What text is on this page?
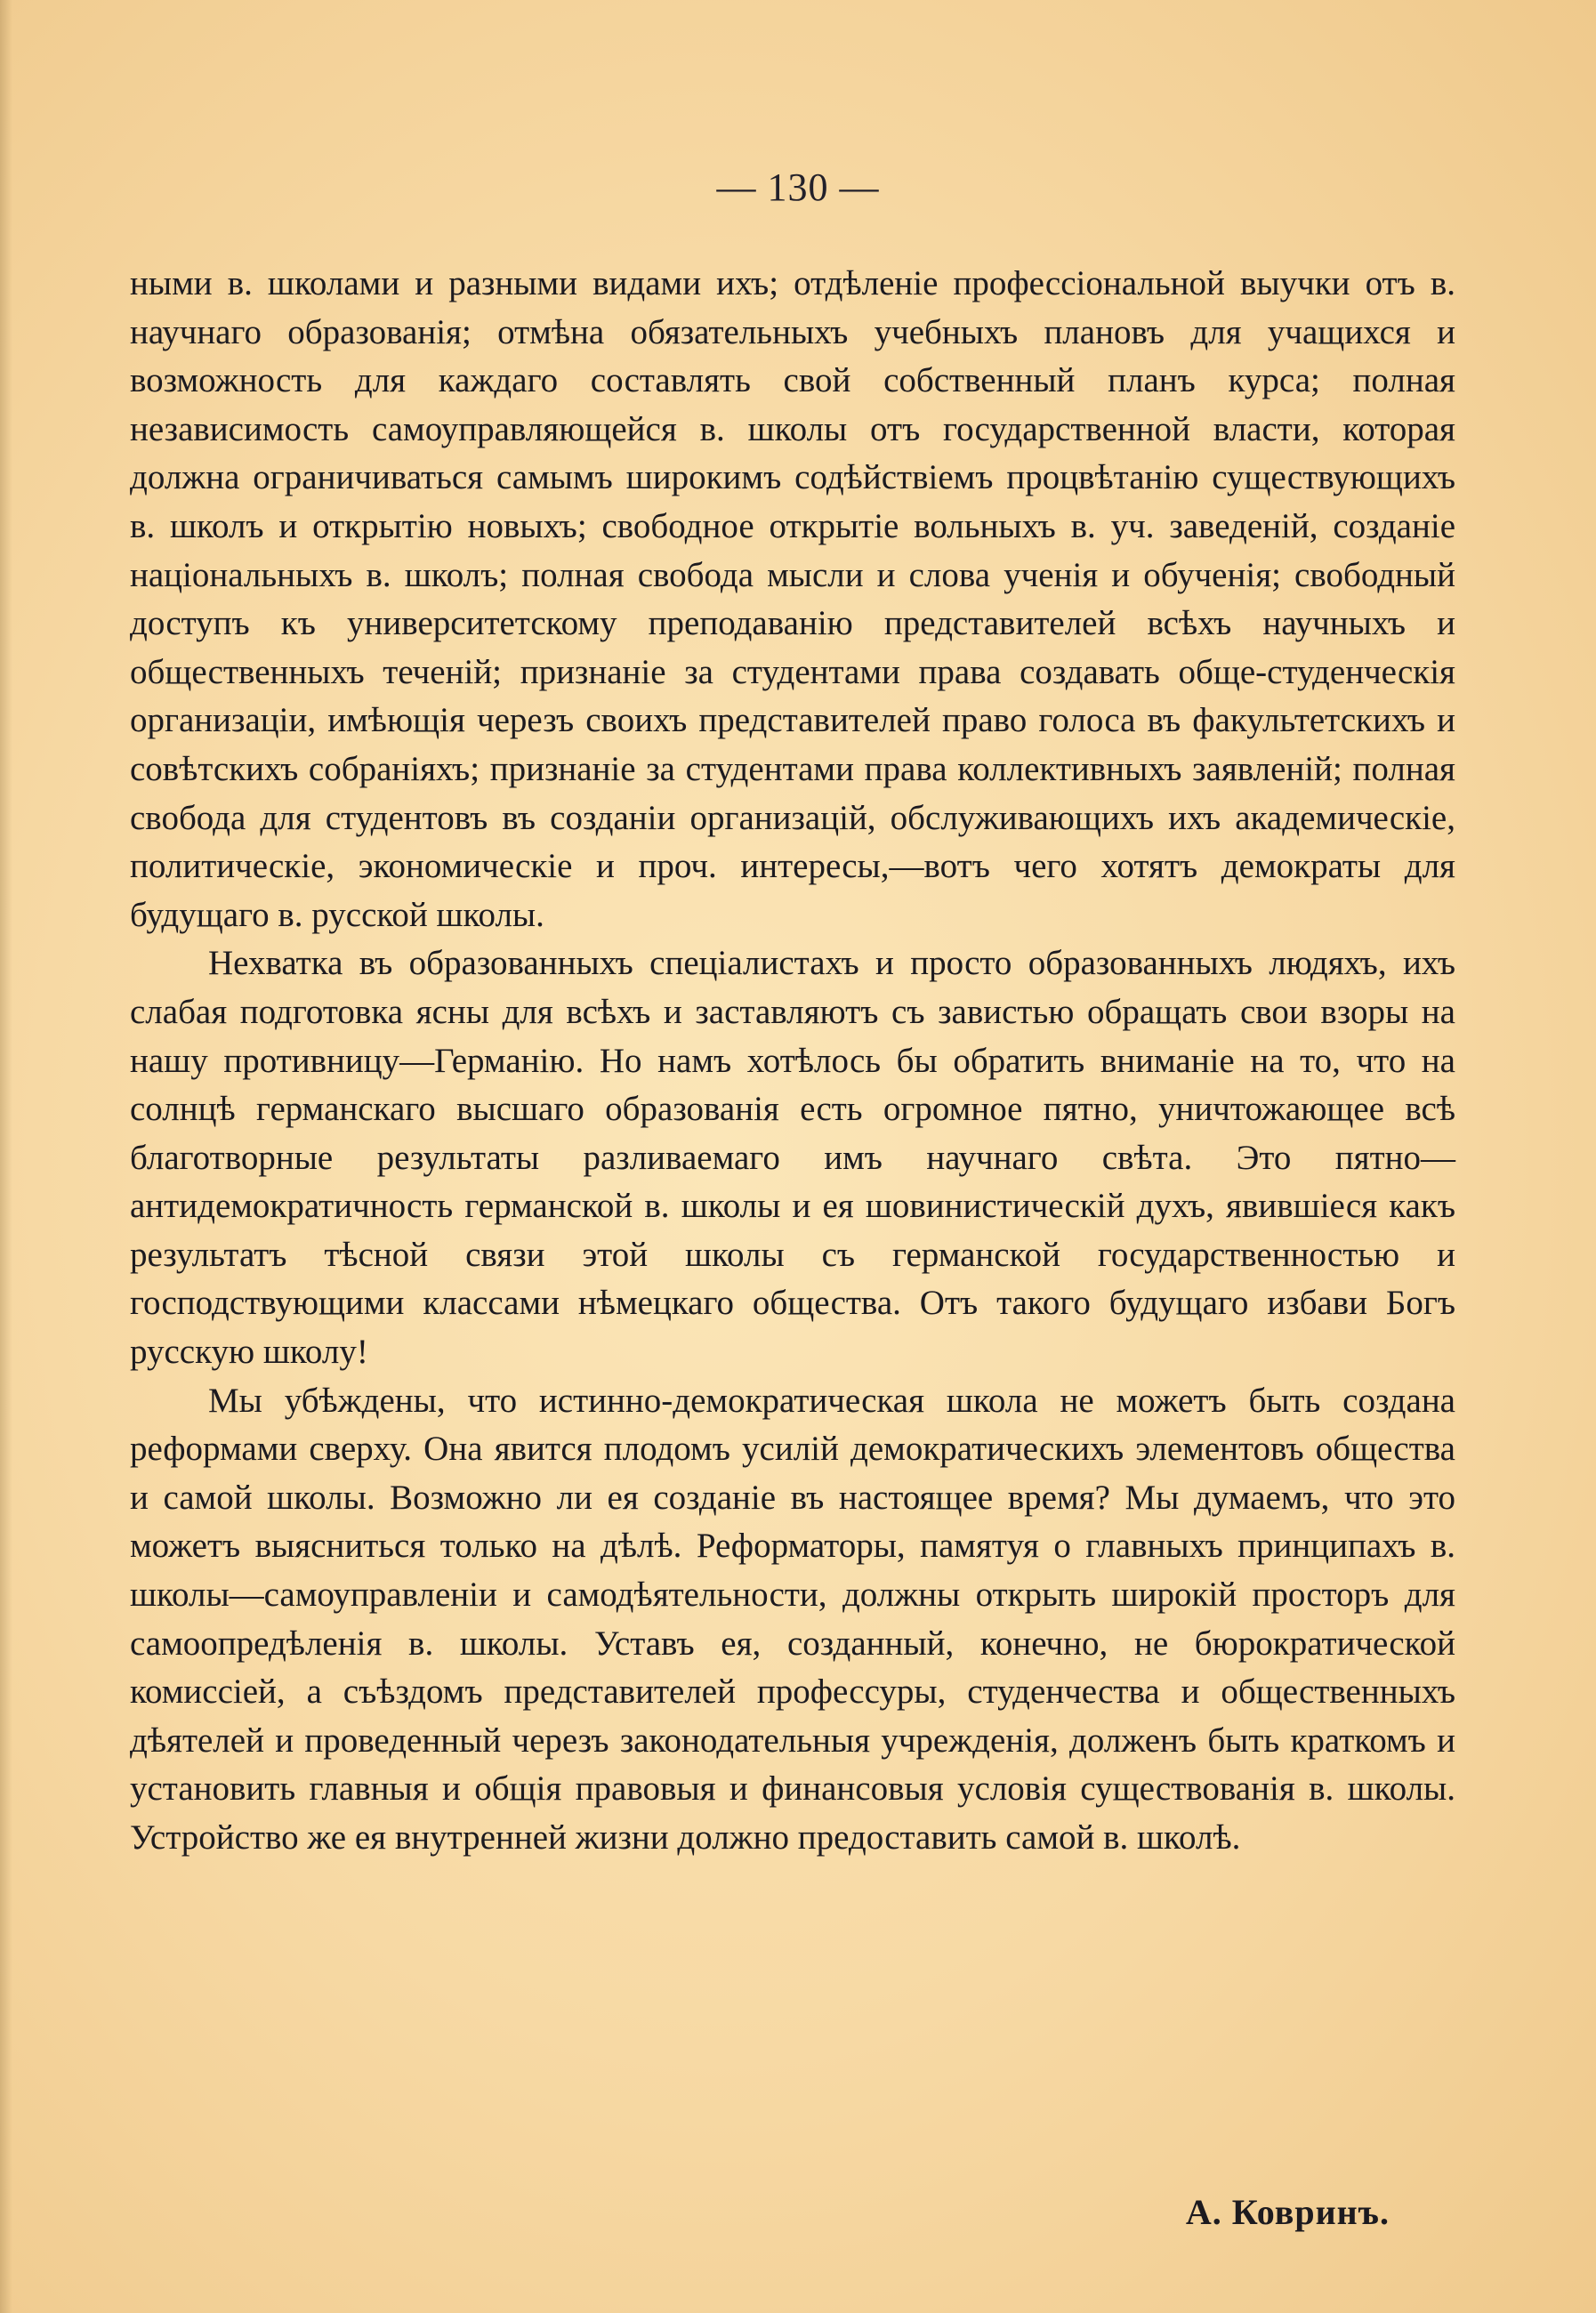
— 130 —

ными в. школами и разными видами ихъ; отдѣленіе профессіональной выучки отъ в. научнаго образованія; отмѣна обязательныхъ учебныхъ плановъ для учащихся и возможность для каждаго составлять свой собственный планъ курса; полная независимость самоуправляющейся в. школы отъ государственной власти, которая должна ограничиваться самымъ широкимъ содѣйствіемъ процвѣтанію существующихъ в. школъ и открытію новыхъ; свободное открытіе вольныхъ в. уч. заведеній, созданіе національныхъ в. школъ; полная свобода мысли и слова ученія и обученія; свободный доступъ къ университетскому преподаванію представителей всѣхъ научныхъ и общественныхъ теченій; признаніе за студентами права создавать обще-студенческія организаціи, имѣющія черезъ своихъ представителей право голоса въ факультетскихъ и совѣтскихъ собраніяхъ; признаніе за студентами права коллективныхъ заявленій; полная свобода для студентовъ въ созданіи организацій, обслуживающихъ ихъ академическіе, политическіе, экономическіе и проч. интересы,—вотъ чего хотятъ демократы для будущаго в. русской школы.

Нехватка въ образованныхъ спеціалистахъ и просто образованныхъ людяхъ, ихъ слабая подготовка ясны для всѣхъ и заставляютъ съ завистью обращать свои взоры на нашу противницу—Германію. Но намъ хотѣлось бы обратить вниманіе на то, что на солнцѣ германскаго высшаго образованія есть огромное пятно, уничтожающее всѣ благотворные результаты разливаемаго имъ научнаго свѣта. Это пятно—антидемократичность германской в. школы и ея шовинистическій духъ, явившіеся какъ результатъ тѣсной связи этой школы съ германской государственностью и господствующими классами нѣмецкаго общества. Отъ такого будущаго избави Богъ русскую школу!

Мы убѣждены, что истинно-демократическая школа не можетъ быть создана реформами сверху. Она явится плодомъ усилій демократическихъ элементовъ общества и самой школы. Возможно ли ея созданіе въ настоящее время? Мы думаемъ, что это можетъ выясниться только на дѣлѣ. Реформаторы, памятуя о главныхъ принципахъ в. школы—самоуправленіи и самодѣятельности, должны открыть широкій просторъ для самоопредѣленія в. школы. Уставъ ея, созданный, конечно, не бюрократической комиссіей, а съѣздомъ представителей профессуры, студенчества и общественныхъ дѣятелей и проведенный черезъ законодательныя учрежденія, долженъ быть краткомъ и установить главныя и общія правовыя и финансовыя условія существованія в. школы. Устройство же ея внутренней жизни должно предоставить самой в. школѣ.

А. Ковринъ.
